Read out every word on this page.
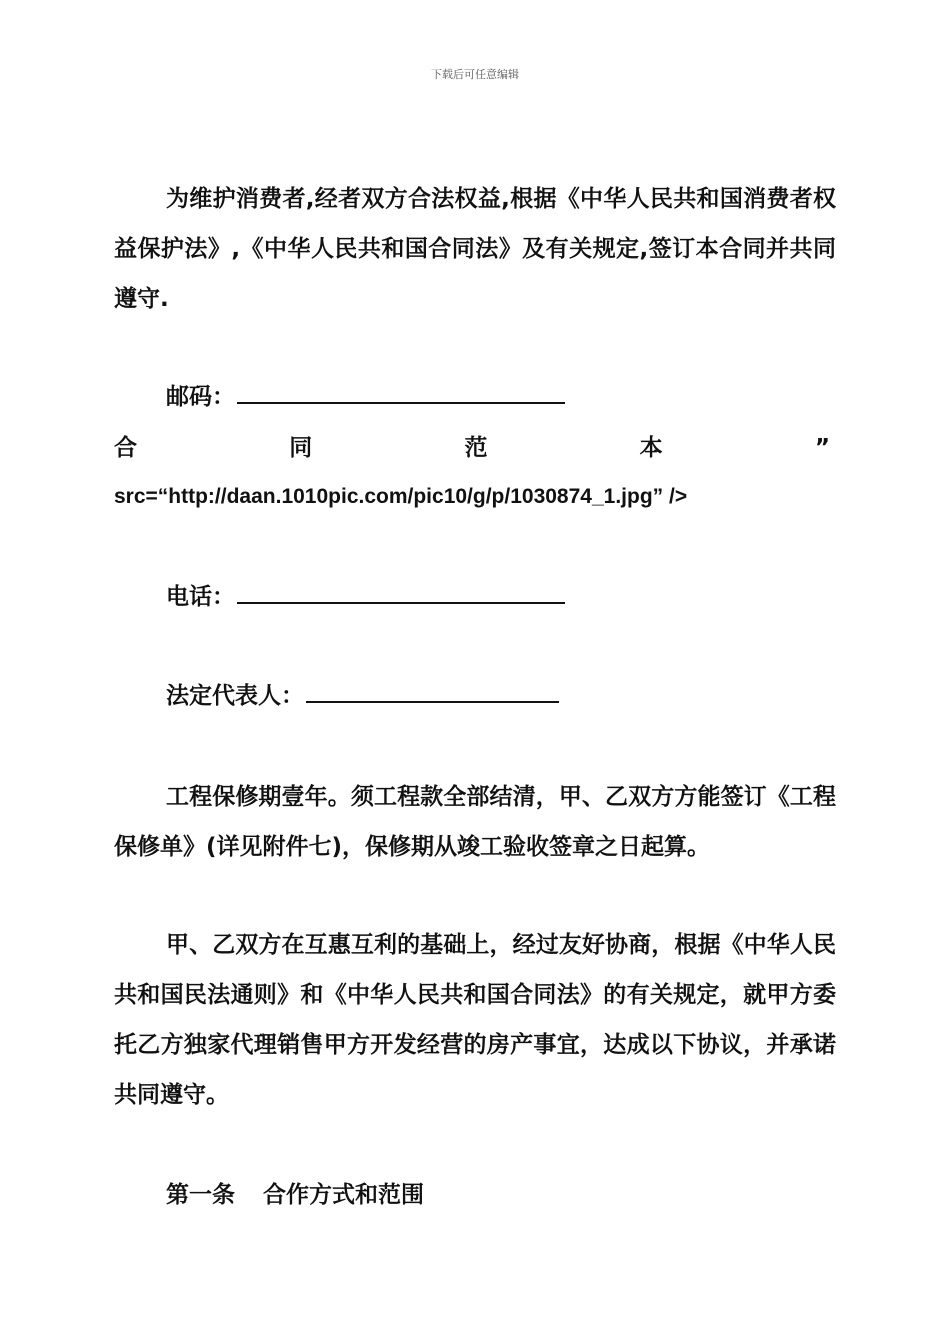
下载后可任意编辑
为维护消费者,经者双方合法权益,根据《中华人民共和国消费者权益保护法》,《中华人民共和国合同法》及有关规定,签订本合同并共同遵守.
邮码：
合	同	范	本	”
src=“http://daan.1010pic.com/pic10/g/p/1030874_1.jpg” />
电话：
法定代表人：
工程保修期壹年。须工程款全部结清，甲、乙双方方能签订《工程保修单》(详见附件七)，保修期从竣工验收签章之日起算。
甲、乙双方在互惠互利的基础上，经过友好协商，根据《中华人民共和国民法通则》和《中华人民共和国合同法》的有关规定，就甲方委托乙方独家代理销售甲方开发经营的房产事宜，达成以下协议，并承诺共同遵守。
第一条 合作方式和范围
